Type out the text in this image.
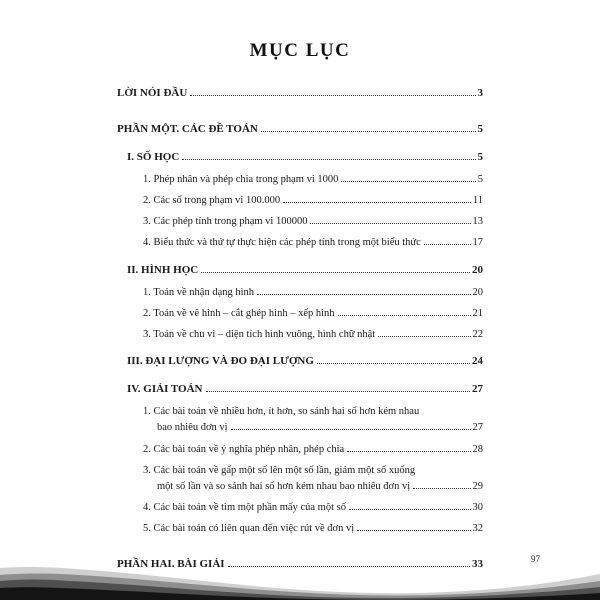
MỤC LỤC
LỜI NÓI ĐẦU	3
PHẦN MỘT. CÁC ĐỀ TOÁN	5
I. SỐ HỌC	5
1. Phép nhân và phép chia trong phạm vi 1000	5
2. Các số trong phạm vi 100.000	11
3. Các phép tính trong phạm vi 100000	13
4. Biểu thức và thứ tự thực hiện các phép tính trong một biểu thức	17
II. HÌNH HỌC	20
1. Toán về nhận dạng hình	20
2. Toán về vẽ hình – cắt ghép hình – xếp hình	21
3. Toán về chu vi – diện tích hình vuông, hình chữ nhật	22
III. ĐẠI LƯỢNG VÀ ĐO ĐẠI LƯỢNG	24
IV. GIẢI TOÁN	27
1. Các bài toán về nhiều hơn, ít hơn, so sánh hai số hơn kém nhau
bao nhiêu đơn vị	27
2. Các bài toán về ý nghĩa phép nhân, phép chia	28
3. Các bài toán về gấp một số lên một số lần, giảm một số xuống
một số lần và so sánh hai số hơn kém nhau bao nhiêu đơn vị	29
4. Các bài toán về tìm một phần mấy của một số	30
5. Các bài toán có liên quan đến việc rút về đơn vị	32
PHẦN HAI. BÀI GIẢI	33	97
